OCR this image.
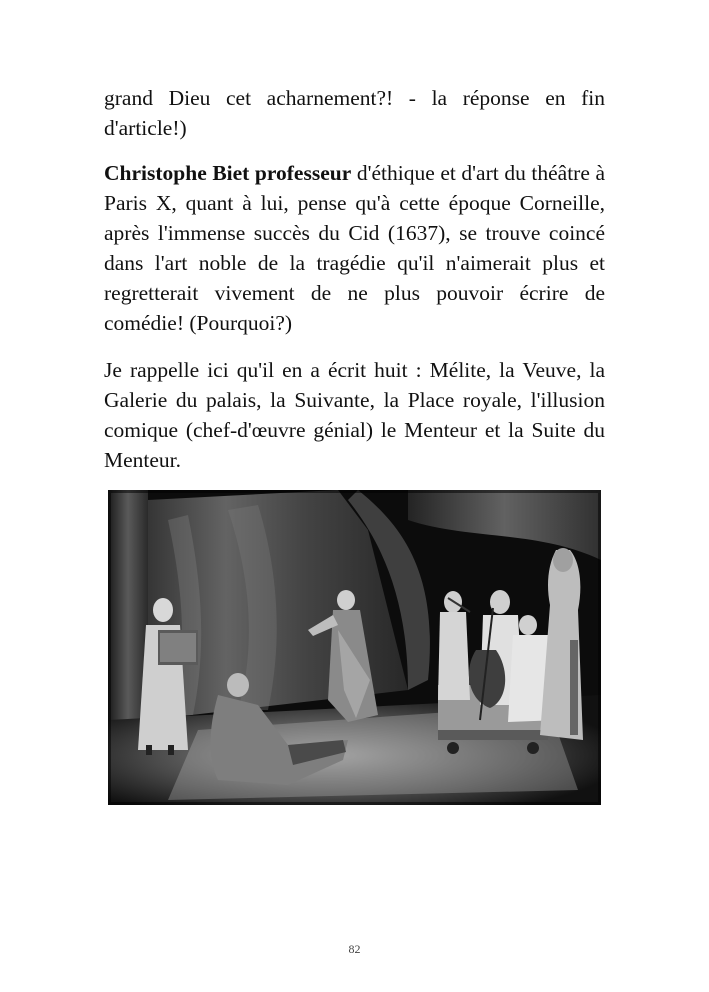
grand Dieu cet acharnement?! - la réponse en fin d'article!)

Christophe Biet professeur d'éthique et d'art du théâtre à Paris X, quant à lui, pense qu'à cette époque Corneille, après l'immense succès du Cid (1637), se trouve coincé dans l'art noble de la tragédie qu'il n'aimerait plus et regretterait vivement de ne plus pouvoir écrire de comédie! (Pourquoi?)

Je rappelle ici qu'il en a écrit huit : Mélite, la Veuve, la Galerie du palais, la Suivante, la Place royale, l'illusion comique (chef-d'œuvre génial) le Menteur et la Suite du Menteur.

82
